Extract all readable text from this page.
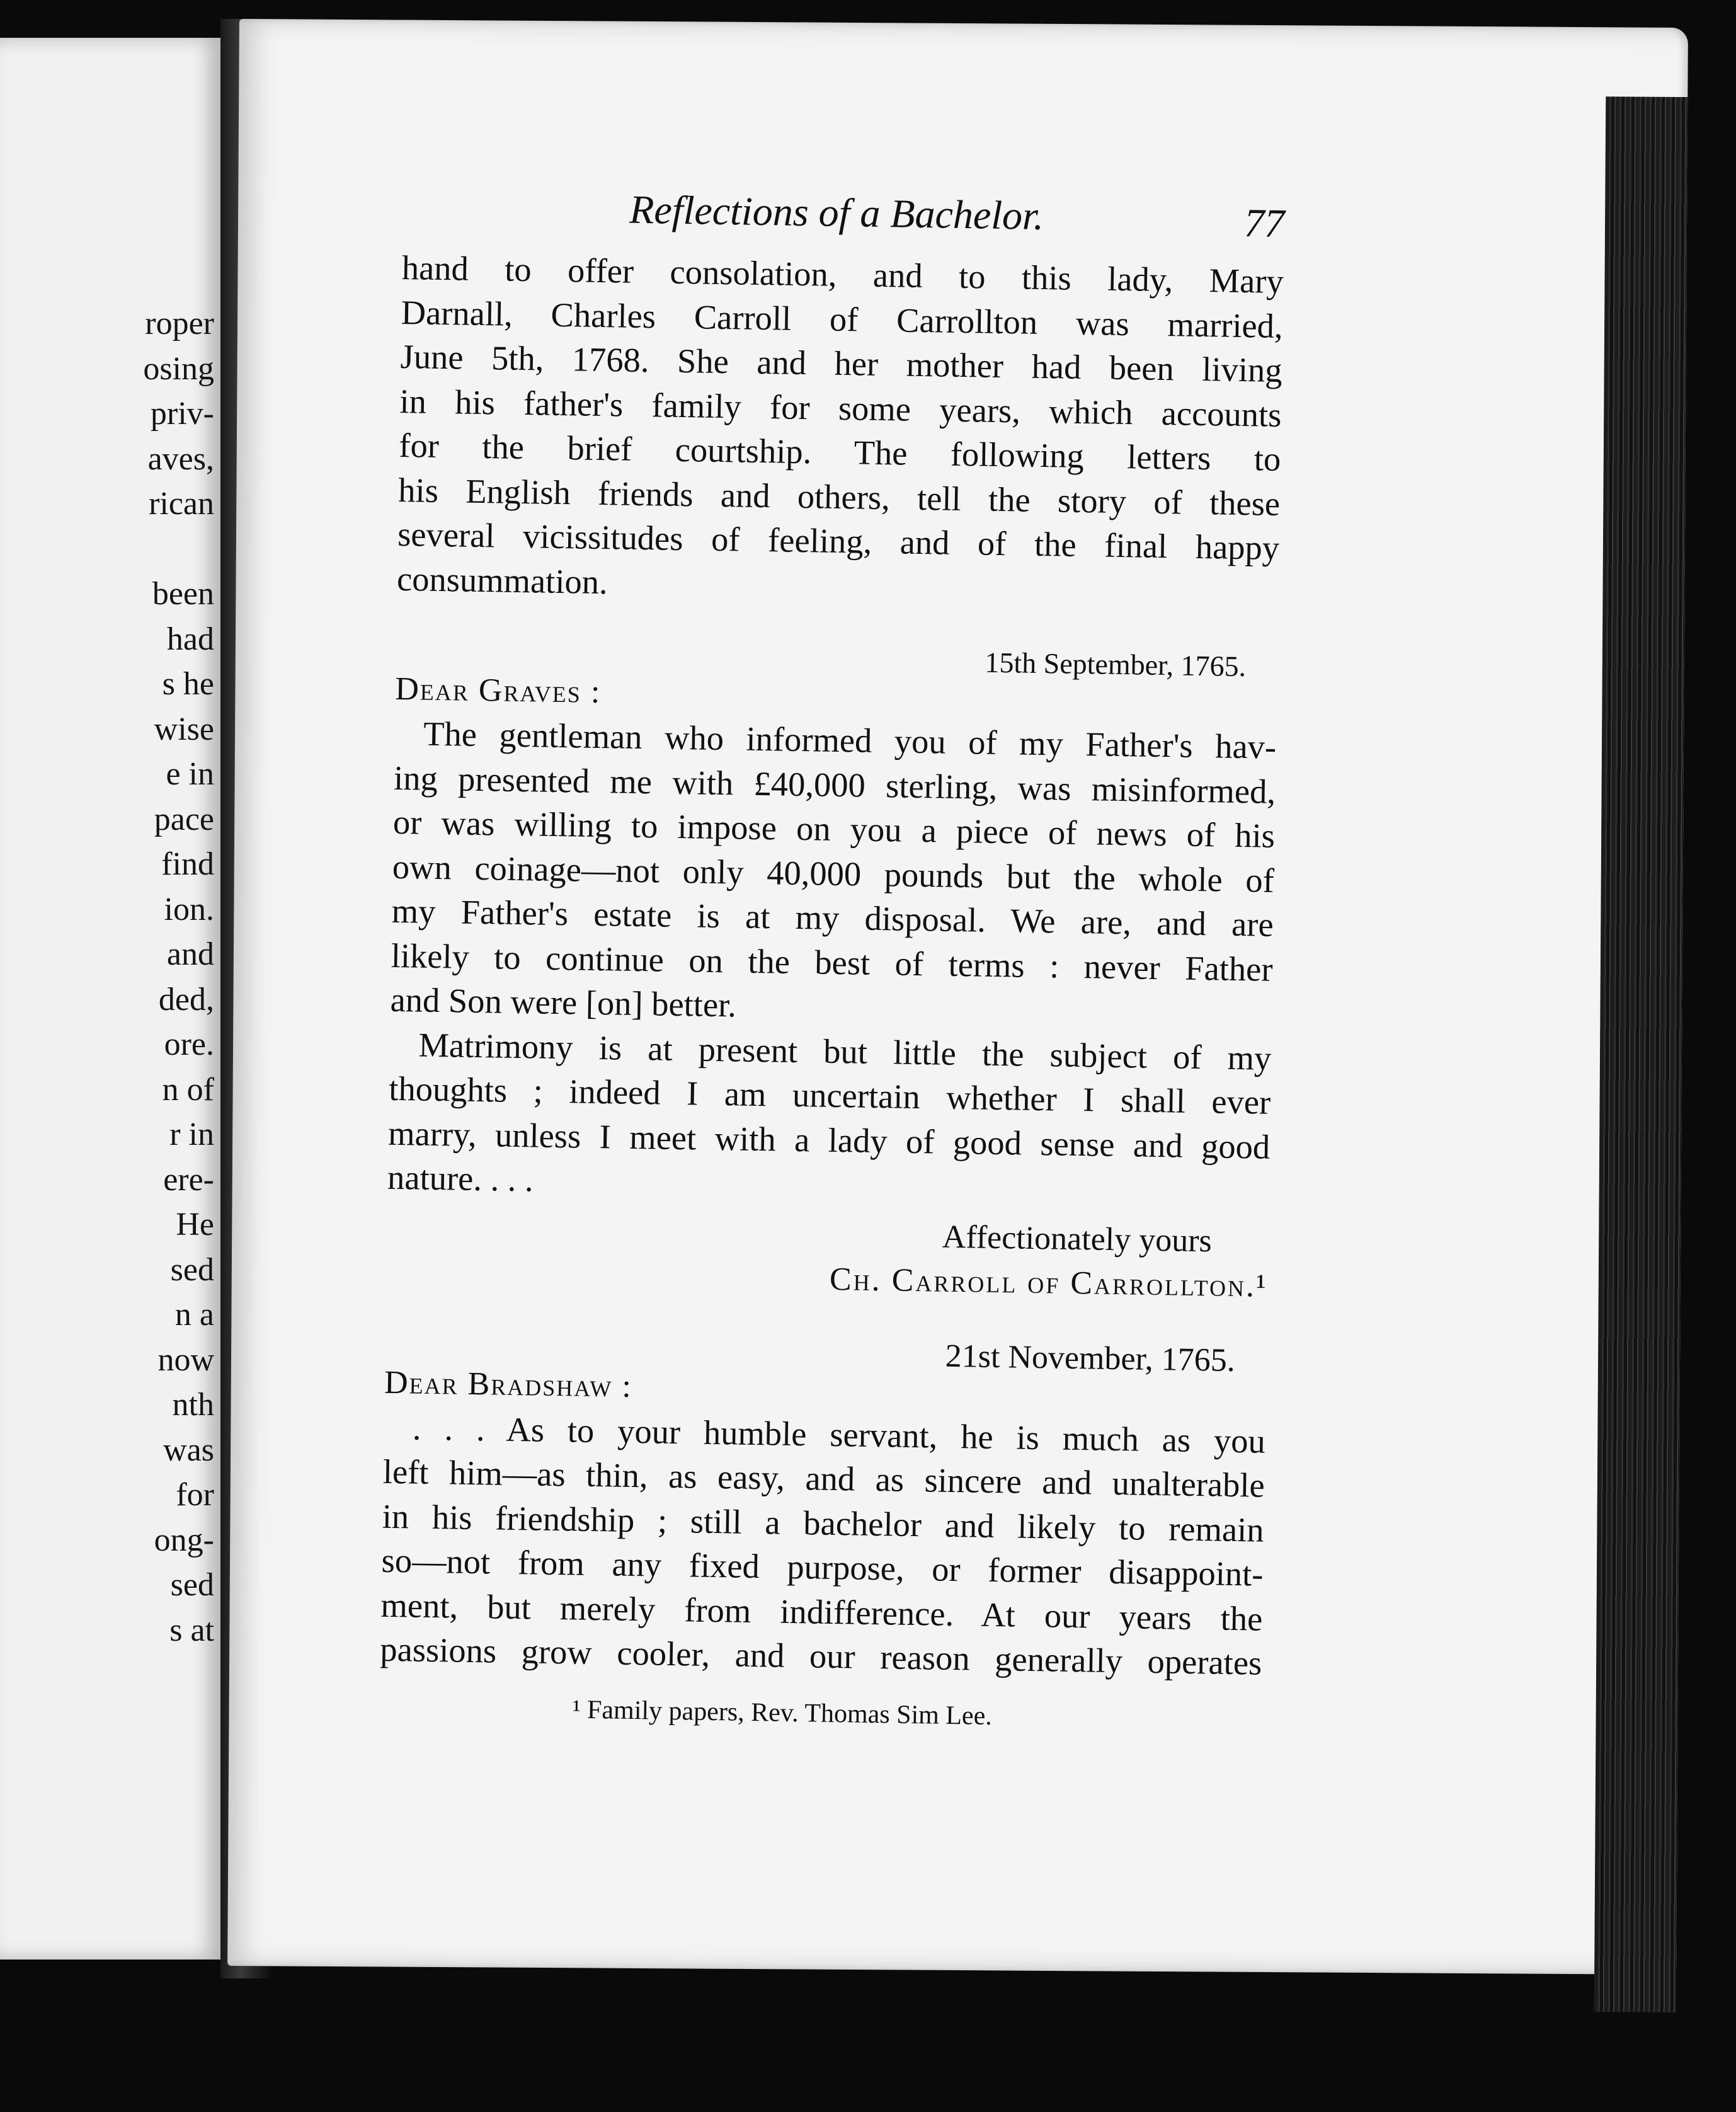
roper
osing
priv-
aves,
rican
been
had
s he
wise
e in
pace
find
ion.
and
ded,
ore.
n of
r in
ere-
He
sed
n a
now
nth
was
for
ong-
sed
s at
Reflections of a Bachelor.	77
hand to offer consolation, and to this lady, Mary
Darnall, Charles Carroll of Carrollton was married,
June 5th, 1768. She and her mother had been living
in his father's family for some years, which accounts
for the brief courtship. The following letters to
his English friends and others, tell the story of these
several vicissitudes of feeling, and of the final happy
consummation.
15th September, 1765.
Dear Graves :
The gentleman who informed you of my Father's hav-
ing presented me with £40,000 sterling, was misinformed,
or was willing to impose on you a piece of news of his
own coinage—not only 40,000 pounds but the whole of
my Father's estate is at my disposal. We are, and are
likely to continue on the best of terms : never Father
and Son were [on] better.
Matrimony is at present but little the subject of my
thoughts ; indeed I am uncertain whether I shall ever
marry, unless I meet with a lady of good sense and good
nature. . . .
Affectionately yours
Ch. Carroll of Carrollton.¹
21st November, 1765.
Dear Bradshaw :
. . . As to your humble servant, he is much as you
left him—as thin, as easy, and as sincere and unalterable
in his friendship ; still a bachelor and likely to remain
so—not from any fixed purpose, or former disappoint-
ment, but merely from indifference. At our years the
passions grow cooler, and our reason generally operates
¹ Family papers, Rev. Thomas Sim Lee.
